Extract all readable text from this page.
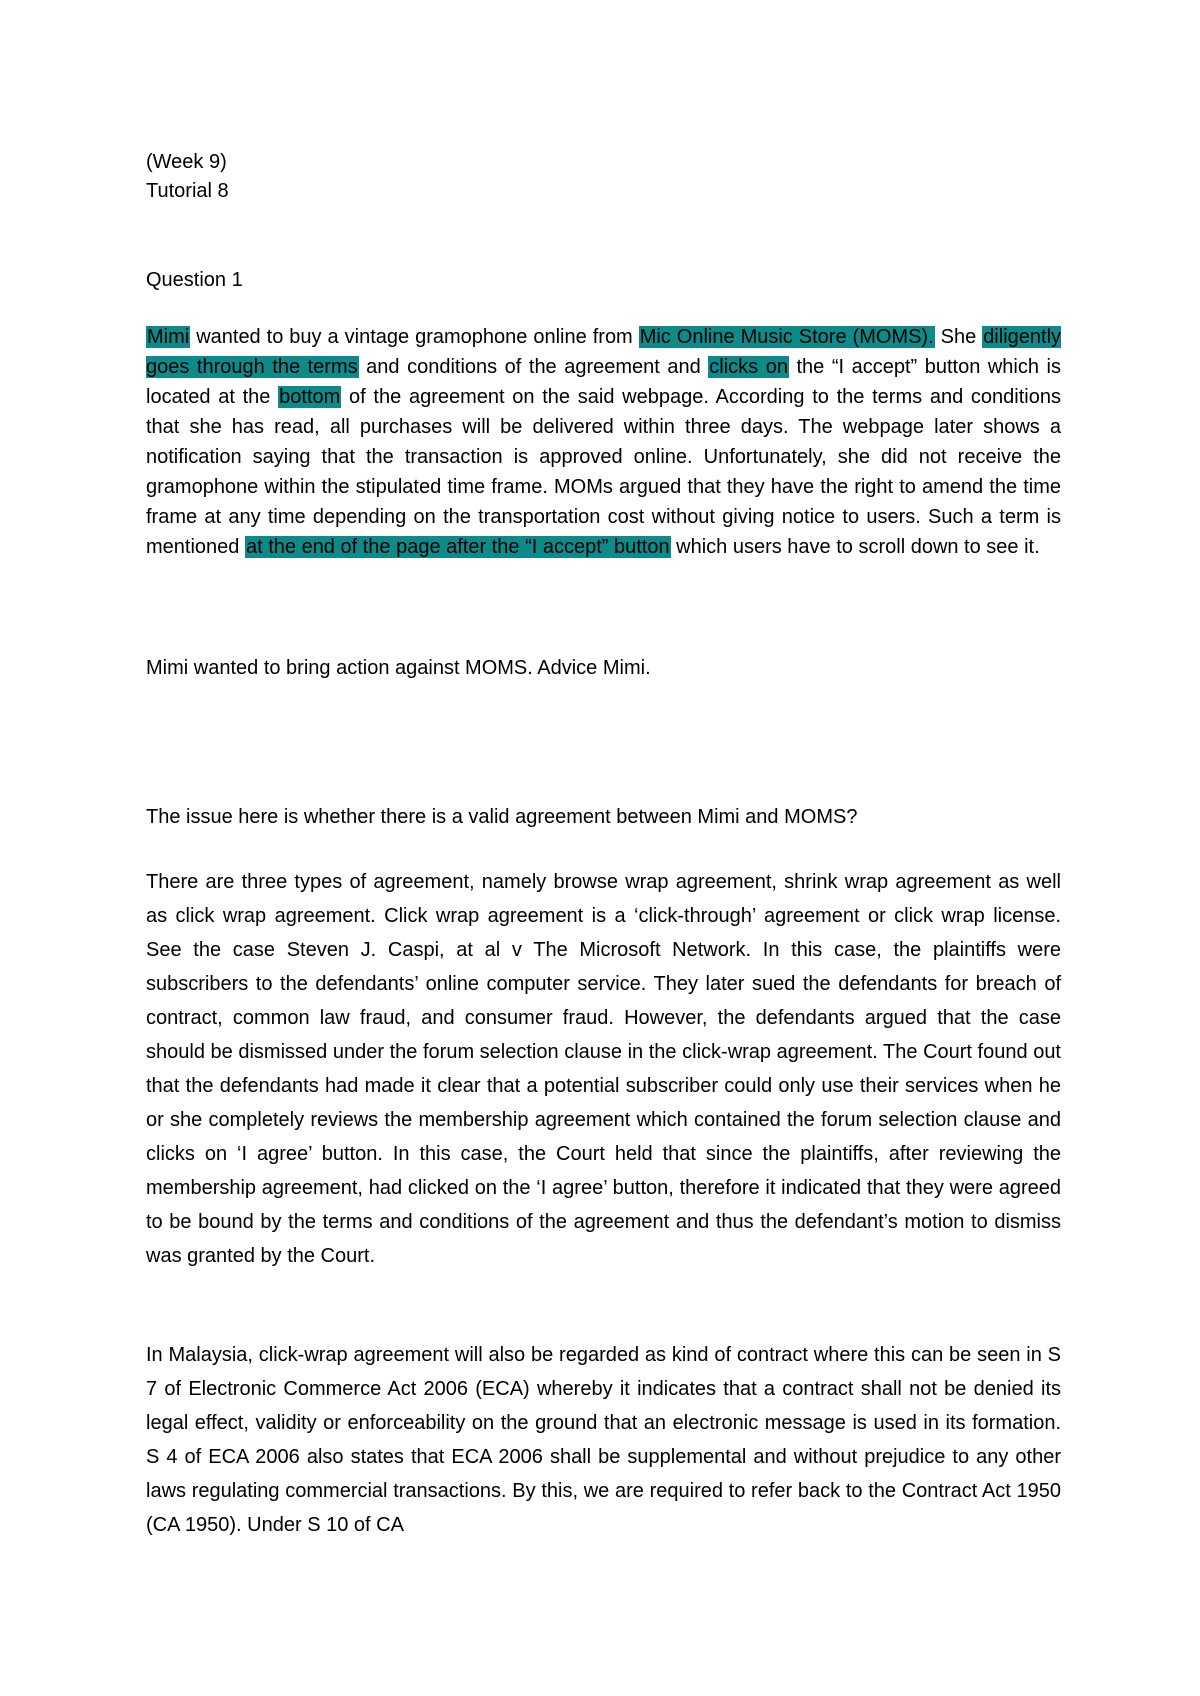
(Week 9)
Tutorial 8
Question 1

Mimi wanted to buy a vintage gramophone online from Mic Online Music Store (MOMS). She diligently goes through the terms and conditions of the agreement and clicks on the “I accept” button which is located at the bottom of the agreement on the said webpage. According to the terms and conditions that she has read, all purchases will be delivered within three days. The webpage later shows a notification saying that the transaction is approved online. Unfortunately, she did not receive the gramophone within the stipulated time frame. MOMs argued that they have the right to amend the time frame at any time depending on the transportation cost without giving notice to users. Such a term is mentioned at the end of the page after the “I accept” button which users have to scroll down to see it.

Mimi wanted to bring action against MOMS. Advice Mimi.
The issue here is whether there is a valid agreement between Mimi and MOMS?

There are three types of agreement, namely browse wrap agreement, shrink wrap agreement as well as click wrap agreement. Click wrap agreement is a ‘click-through’ agreement or click wrap license. See the case Steven J. Caspi, at al v The Microsoft Network. In this case, the plaintiffs were subscribers to the defendants’ online computer service. They later sued the defendants for breach of contract, common law fraud, and consumer fraud. However, the defendants argued that the case should be dismissed under the forum selection clause in the click-wrap agreement. The Court found out that the defendants had made it clear that a potential subscriber could only use their services when he or she completely reviews the membership agreement which contained the forum selection clause and clicks on ‘I agree’ button. In this case, the Court held that since the plaintiffs, after reviewing the membership agreement, had clicked on the ‘I agree’ button, therefore it indicated that they were agreed to be bound by the terms and conditions of the agreement and thus the defendant’s motion to dismiss was granted by the Court.

In Malaysia, click-wrap agreement will also be regarded as kind of contract where this can be seen in S 7 of Electronic Commerce Act 2006 (ECA) whereby it indicates that a contract shall not be denied its legal effect, validity or enforceability on the ground that an electronic message is used in its formation. S 4 of ECA 2006 also states that ECA 2006 shall be supplemental and without prejudice to any other laws regulating commercial transactions. By this, we are required to refer back to the Contract Act 1950 (CA 1950). Under S 10 of CA
